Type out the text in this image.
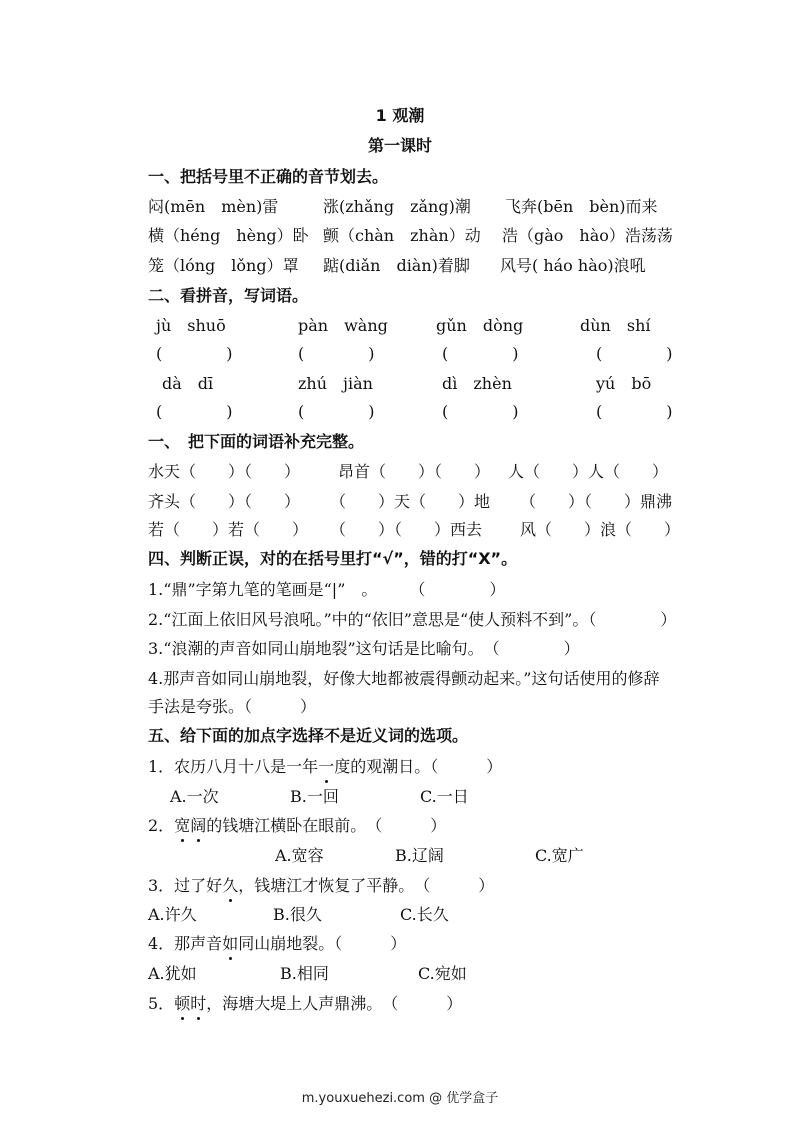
1 观潮
第一课时
一、把括号里不正确的音节划去。
闷(mēn　mèn)雷	涨(zhǎng　zǎng)潮 飞奔(bēn　bèn)而来
横（héng　hèng）卧 颤（chàn　zhàn）动 浩（gào　hào）浩荡荡
笼（lóng　lǒng）罩 踮(diǎn　diàn)着脚 风号( háo hào)浪吼
二、看拼音，写词语。
jù　shuō	pàn　wàng	gǔn　dòng	dùn　shí
(　　　　)	(　　　　)	(　　　　)	(　　　　)
dà　dī	zhú　jiàn	dì　zhèn	yú　bō
(　　　　)	(　　　　)	(　　　　)	(　　　　)
一、　把下面的词语补充完整。
水天（　　）（　　） 昂首（　　）（　　） 人（　　）人（　　）
齐头（　　）（　　） （　　）天（　　）地 （　　）（　　）鼎沸
若（　　）若（　　） （　　）（　　）西去 风（　　）浪（　　）
四、判断正误，对的在括号里打“√”，错的打“X”。
1.“鼎”字第九笔的笔画是“|”　。　　　（　　　　）
2.“江面上依旧风号浪吼。”中的“依旧”意思是“使人预料不到”。（　　　　）
3.“浪潮的声音如同山崩地裂”这句话是比喻句。　（　　　　）
4.那声音如同山崩地裂，好像大地都被震得颤动起来。”这句话使用的修辞
手法是夸张。（　　　）
五、给下面的加点字选择不是近义词的选项。
1．农历八月十八是一年一度的观潮日。（　　　）
A.一次	B.一回	C.一日
2．宽阔的钱塘江横卧在眼前。　（　　　）
A.宽容	B.辽阔	C.宽广
3．过了好久，钱塘江才恢复了平静。　（　　　）
A.许久	B.很久	C.长久
4．那声音如同山崩地裂。（　　　）
A.犹如	B.相同	C.宛如
5．顿时，海塘大堤上人声鼎沸。　（　　　）
m.youxuehezi.com @ 优学盒子
